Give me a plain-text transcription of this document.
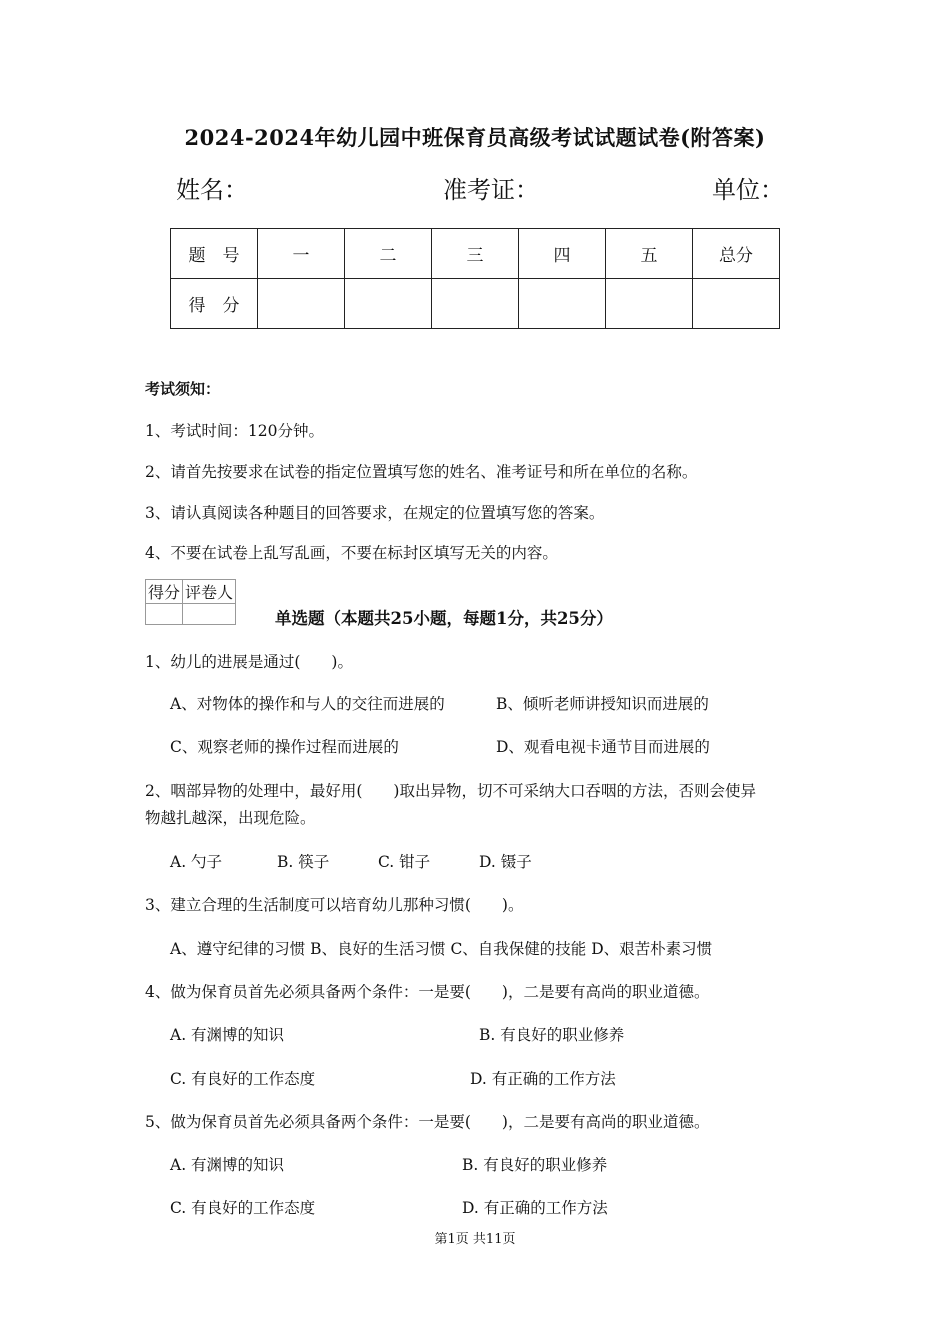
2024-2024年幼儿园中班保育员高级考试试题试卷(附答案)
姓名：	准考证：	单位：
题　号	一	二	三	四	五	总分
得　分						
考试须知：
1、考试时间：120分钟。
2、请首先按要求在试卷的指定位置填写您的姓名、准考证号和所在单位的名称。
3、请认真阅读各种题目的回答要求，在规定的位置填写您的答案。
4、不要在试卷上乱写乱画，不要在标封区填写无关的内容。
得分	评卷人

单选题（本题共25小题，每题1分，共25分）
1、幼儿的进展是通过(　　)。
A、对物体的操作和与人的交往而进展的	B、倾听老师讲授知识而进展的
C、观察老师的操作过程而进展的	D、观看电视卡通节目而进展的
2、咽部异物的处理中，最好用(　　)取出异物，切不可采纳大口吞咽的方法，否则会使异
物越扎越深，出现危险。
A. 勺子	B. 筷子	C. 钳子	D. 镊子
3、建立合理的生活制度可以培育幼儿那种习惯(　　)。
A、遵守纪律的习惯 B、良好的生活习惯 C、自我保健的技能 D、艰苦朴素习惯
4、做为保育员首先必须具备两个条件：一是要(　　)，二是要有高尚的职业道德。
A. 有渊博的知识	B. 有良好的职业修养
C. 有良好的工作态度	D. 有正确的工作方法
5、做为保育员首先必须具备两个条件：一是要(　　)，二是要有高尚的职业道德。
A. 有渊博的知识	B. 有良好的职业修养
C. 有良好的工作态度	D. 有正确的工作方法
第1页 共11页
